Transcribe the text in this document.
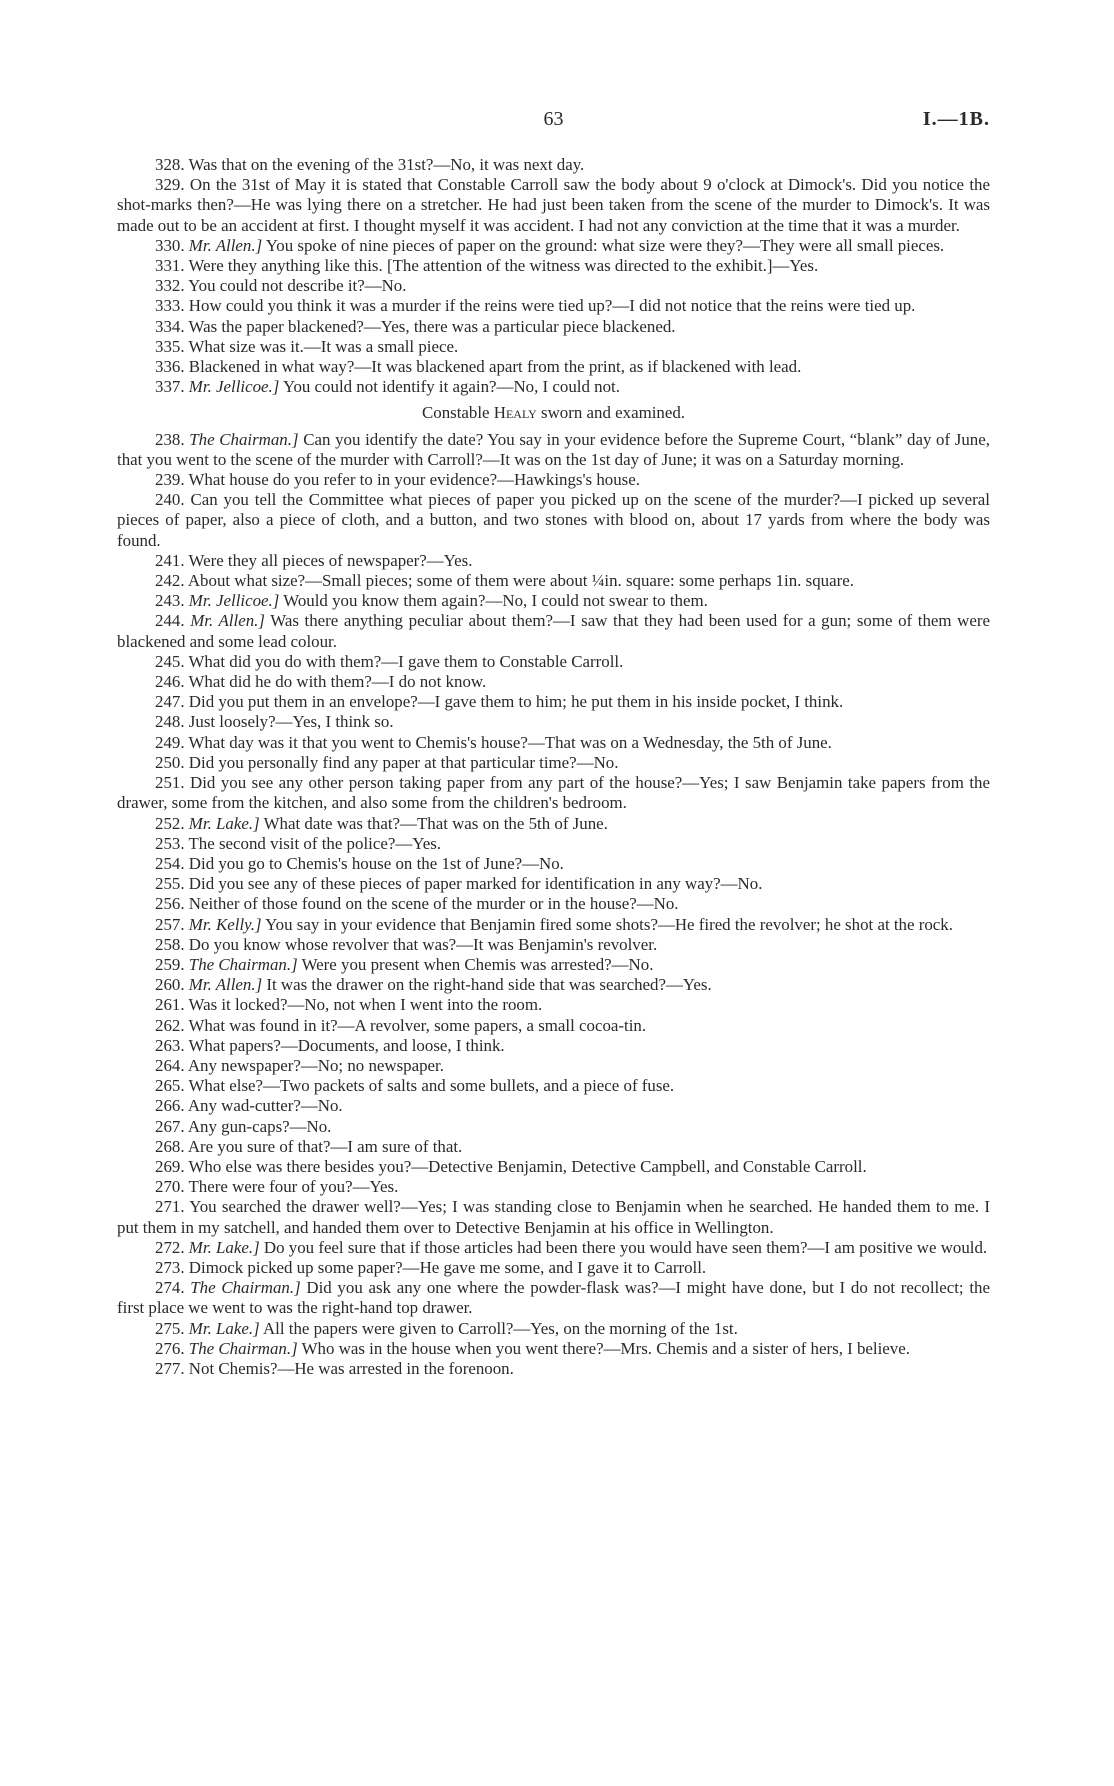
63	I.—1B.

328. Was that on the evening of the 31st?—No, it was next day.

329. On the 31st of May it is stated that Constable Carroll saw the body about 9 o'clock at Dimock's. Did you notice the shot-marks then?—He was lying there on a stretcher. He had just been taken from the scene of the murder to Dimock's. It was made out to be an accident at first. I thought myself it was accident. I had not any conviction at the time that it was a murder.

330. Mr. Allen.] You spoke of nine pieces of paper on the ground: what size were they?—They were all small pieces.

331. Were they anything like this. [The attention of the witness was directed to the exhibit.]—Yes.

332. You could not describe it?—No.

333. How could you think it was a murder if the reins were tied up?—I did not notice that the reins were tied up.

334. Was the paper blackened?—Yes, there was a particular piece blackened.

335. What size was it.—It was a small piece.

336. Blackened in what way?—It was blackened apart from the print, as if blackened with lead.

337. Mr. Jellicoe.] You could not identify it again?—No, I could not.

Constable Healy sworn and examined.

238. The Chairman.] Can you identify the date? You say in your evidence before the Supreme Court, “blank” day of June, that you went to the scene of the murder with Carroll?—It was on the 1st day of June; it was on a Saturday morning.

239. What house do you refer to in your evidence?—Hawkings's house.

240. Can you tell the Committee what pieces of paper you picked up on the scene of the murder?—I picked up several pieces of paper, also a piece of cloth, and a button, and two stones with blood on, about 17 yards from where the body was found.

241. Were they all pieces of newspaper?—Yes.

242. About what size?—Small pieces; some of them were about ¼in. square: some perhaps 1in. square.

243. Mr. Jellicoe.] Would you know them again?—No, I could not swear to them.

244. Mr. Allen.] Was there anything peculiar about them?—I saw that they had been used for a gun; some of them were blackened and some lead colour.

245. What did you do with them?—I gave them to Constable Carroll.

246. What did he do with them?—I do not know.

247. Did you put them in an envelope?—I gave them to him; he put them in his inside pocket, I think.

248. Just loosely?—Yes, I think so.

249. What day was it that you went to Chemis's house?—That was on a Wednesday, the 5th of June.

250. Did you personally find any paper at that particular time?—No.

251. Did you see any other person taking paper from any part of the house?—Yes; I saw Benjamin take papers from the drawer, some from the kitchen, and also some from the children's bedroom.

252. Mr. Lake.] What date was that?—That was on the 5th of June.

253. The second visit of the police?—Yes.

254. Did you go to Chemis's house on the 1st of June?—No.

255. Did you see any of these pieces of paper marked for identification in any way?—No.

256. Neither of those found on the scene of the murder or in the house?—No.

257. Mr. Kelly.] You say in your evidence that Benjamin fired some shots?—He fired the revolver; he shot at the rock.

258. Do you know whose revolver that was?—It was Benjamin's revolver.

259. The Chairman.] Were you present when Chemis was arrested?—No.

260. Mr. Allen.] It was the drawer on the right-hand side that was searched?—Yes.

261. Was it locked?—No, not when I went into the room.

262. What was found in it?—A revolver, some papers, a small cocoa-tin.

263. What papers?—Documents, and loose, I think.

264. Any newspaper?—No; no newspaper.

265. What else?—Two packets of salts and some bullets, and a piece of fuse.

266. Any wad-cutter?—No.

267. Any gun-caps?—No.

268. Are you sure of that?—I am sure of that.

269. Who else was there besides you?—Detective Benjamin, Detective Campbell, and Constable Carroll.

270. There were four of you?—Yes.

271. You searched the drawer well?—Yes; I was standing close to Benjamin when he searched. He handed them to me. I put them in my satchell, and handed them over to Detective Benjamin at his office in Wellington.

272. Mr. Lake.] Do you feel sure that if those articles had been there you would have seen them?—I am positive we would.

273. Dimock picked up some paper?—He gave me some, and I gave it to Carroll.

274. The Chairman.] Did you ask any one where the powder-flask was?—I might have done, but I do not recollect; the first place we went to was the right-hand top drawer.

275. Mr. Lake.] All the papers were given to Carroll?—Yes, on the morning of the 1st.

276. The Chairman.] Who was in the house when you went there?—Mrs. Chemis and a sister of hers, I believe.

277. Not Chemis?—He was arrested in the forenoon.
